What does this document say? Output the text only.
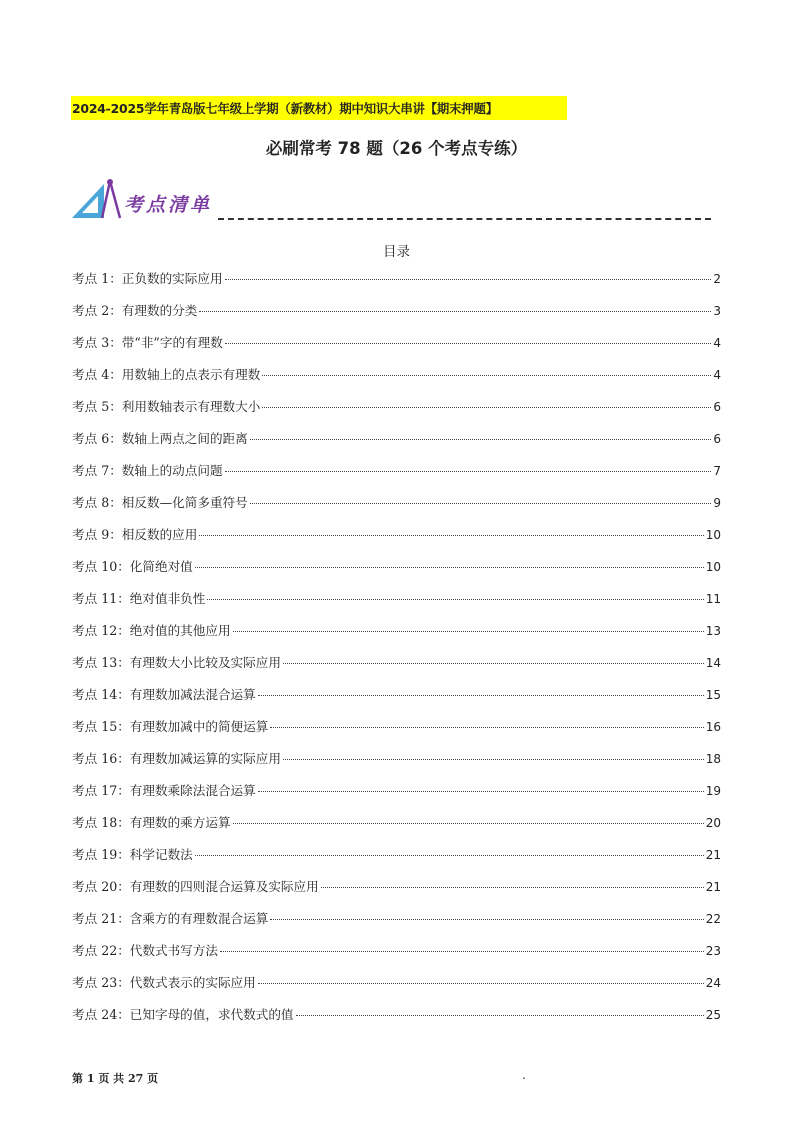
2024-2025学年青岛版七年级上学期（新教材）期中知识大串讲【期末押题】
必刷常考 78 题（26 个考点专练）
考点清单
目录
考点 1：正负数的实际应用	2
考点 2：有理数的分类	3
考点 3：带“非”字的有理数	4
考点 4：用数轴上的点表示有理数	4
考点 5：利用数轴表示有理数大小	6
考点 6：数轴上两点之间的距离	6
考点 7：数轴上的动点问题	7
考点 8：相反数—化简多重符号	9
考点 9：相反数的应用	10
考点 10：化简绝对值	10
考点 11：绝对值非负性	11
考点 12：绝对值的其他应用	13
考点 13：有理数大小比较及实际应用	14
考点 14：有理数加减法混合运算	15
考点 15：有理数加减中的简便运算	16
考点 16：有理数加减运算的实际应用	18
考点 17：有理数乘除法混合运算	19
考点 18：有理数的乘方运算	20
考点 19：科学记数法	21
考点 20：有理数的四则混合运算及实际应用	21
考点 21：含乘方的有理数混合运算	22
考点 22：代数式书写方法	23
考点 23：代数式表示的实际应用	24
考点 24：已知字母的值，求代数式的值	25
第 1 页 共 27 页	.
